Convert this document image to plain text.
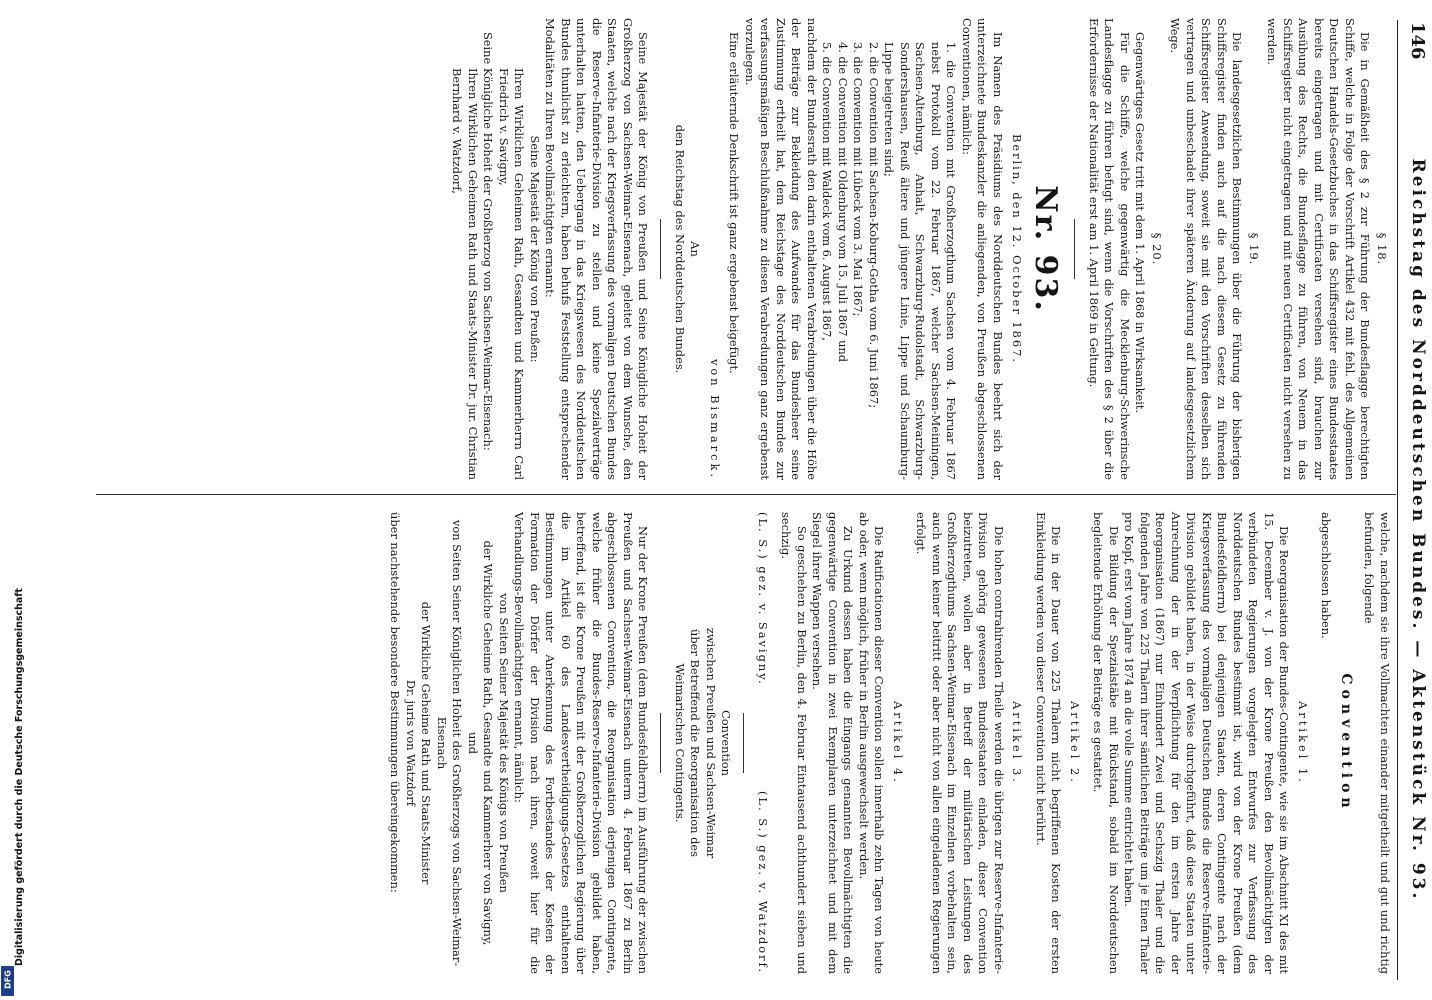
DFG
Digitalisierung gefördert durch die Deutsche Forschungsgemeinschaft
146
Reichstag des Norddeutschen Bundes. — Aktenstück Nr. 93.
§ 18.

Die in Gemäßheit des § 2 zur Führung der Bundesflagge berechtigten Schiffe, welche in Folge der Vorschrift Artikel 432 mit fehl. des Allgemeinen Deutschen Handels-Gesetzbuches in das Schiffsregister eines Bundesstaates bereits eingetragen und mit Certificaten versehen sind, brauchen zur Ausübung des Rechts, die Bundesflagge zu führen, von Neuem in das Schiffsregister nicht eingetragen und mit neuen Certificaten nicht versehen zu werden.

§ 19.

Die landesgesetzlichen Bestimmungen über die Führung der bisherigen Schiffsregister finden auch auf die nach diesem Gesetz zu führenden Schiffsregister Anwendung, soweit sie mit den Vorschriften desselben sich vertragen und unbeschadet ihrer späteren Änderung auf landesgesetzlichem Wege.

§ 20.

Gegenwärtiges Gesetz tritt mit dem 1. April 1868 in Wirksamkeit.

Für die Schiffe, welche gegenwärtig die Mecklenburg-Schwerinsche Landesflagge zu führen befugt sind, wenn die Vorschriften des § 2 über die Erfordernisse der Nationalität erst am 1. April 1869 in Geltung.

Nr. 93.
Berlin, den 12. October 1867.

Im Namen des Präsidiums des Norddeutschen Bundes beehrt sich der unterzeichnete Bundeskanzler die anliegenden, von Preußen abgeschlossenen Conventionen, nämlich:

1. die Convention mit Großherzogthum Sachsen vom 4. Februar 1867 nebst Protokoll vom 22. Februar 1867, welcher Sachsen-Meiningen, Sachsen-Altenburg, Anhalt, Schwarzburg-Rudolstadt, Schwarzburg-Sondershausen, Reuß ältere und jüngere Linie, Lippe und Schaumburg-Lippe beigetreten sind;

2. die Convention mit Sachsen-Koburg-Gotha vom 6. Juni 1867;

3. die Convention mit Lübeck vom 3. Mai 1867;

4. die Convention mit Oldenburg vom 15. Juli 1867 und

5. die Convention mit Waldeck vom 6. August 1867,

nachdem der Bundesrath den darin enthaltenen Verabredungen über die Höhe der Beiträge zur Bekleidung des Aufwandes für das Bundesheer seine Zustimmung ertheilt hat, dem Reichstage des Norddeutschen Bundes zur verfassungsmäßigen Beschlußnahme zu diesen Verabredungen ganz ergebenst vorzulegen.

Eine erläuternde Denkschrift ist ganz ergebenst beigefügt.

von Bismarck.
An
den Reichstag des Norddeutschen Bundes.

Seine Majestät der König von Preußen und Seine Königliche Hoheit der Großherzog von Sachsen-Weimar-Eisenach, geleitet von dem Wunsche, den Staaten, welche nach der Kriegsverfassung des vormaligen Deutschen Bundes die Reserve-Infanterie-Division zu stellen und keine Spezialverträge unterhalten hatten, den Uebergang in das Kriegswesen des Norddeutschen Bundes thunlichst zu erleichtern, haben behufs Feststellung entsprechender Modalitäten zu Ihren Bevollmächtigten ernannt:

Seine Majestät der König von Preußen:

Ihren Wirklichen Geheimen Rath, Gesandten und Kammerherrn Carl Friedrich v. Savigny,

Seine Königliche Hoheit der Großherzog von Sachsen-Weimar-Eisenach:

Ihren Wirklichen Geheimen Rath und Staats-Minister Dr. jur. Christian Bernhard v. Watzdorf,

welche, nachdem sie ihre Vollmachten einander mitgetheilt und gut und richtig befunden, folgende

Convention

abgeschlossen haben.

Artikel 1.

Die Reorganisation der Bundes-Contingente, wie sie im Abschnitt XI des mit 15. December v. J. von der Krone Preußen den Bevollmächtigten der verbündeten Regierungen vorgelegten Entwurfes zur Verfassung des Norddeutschen Bundes bestimmt ist, wird von der Krone Preußen (dem Bundesfeldherrn) bei denjenigen Staaten, deren Contingente nach der Kriegsverfassung des vormaligen Deutschen Bundes die Reserve-Infanterie-Division gebildet haben, in der Weise durchgeführt, daß diese Staaten unter Anrechnung der in der Verpflichtung für den im ersten Jahre der Reorganisation (1867) nur Einhundert Zwei und Sechszig Thaler und die folgenden Jahre von 225 Thalern ihrer sämtlichen Beiträge um je Einen Thaler pro Kopf, erst vom Jahre 1874 an die volle Summe entrichtet haben.

Die Bildung der Spezialstäbe mit Rückstand, sobald im Norddeutschen begleitende Erhöhung der Beiträge es gestattet.

Artikel 2.

Die in der Dauer von 225 Thalern nicht begriffenen Kosten der ersten Einkleidung werden von dieser Convention nicht berührt.

Artikel 3.

Die hohen contrahirenden Theile werden die übrigen zur Reserve-Infanterie-Division gehörig gewesenen Bundesstaaten einladen, dieser Convention beizutreten, wollen aber in Betreff der militärischen Leistungen des Großherzogthums Sachsen-Weimar-Eisenach im Einzelnen vorbehalten sein, auch wenn keiner beitritt oder aber nicht von allen eingeladenen Regierungen erfolgt.

Artikel 4.

Die Ratificationen dieser Convention sollen innerhalb zehn Tagen von heute ab oder, wenn möglich, früher in Berlin ausgewechselt werden.

Zu Urkund dessen haben die Eingangs genannten Bevollmächtigten die gegenwärtige Convention in zwei Exemplaren unterzeichnet und mit dem Siegel ihrer Wappen versehen.

So geschehen zu Berlin, den 4. Februar Eintausend achthundert sieben und sechzig.

(L. S.) gez. v. Savigny.
(L. S.) gez. v. Watzdorf.
Convention
zwischen Preußen und Sachsen-Weimar
über Betreffend die Reorganisation des
Weimarischen Contingents.

Nur der Krone Preußen (dem Bundesfeldherrn) im Ausführung der zwischen Preußen und Sachsen-Weimar-Eisenach unterm 4. Februar 1867 zu Berlin abgeschlossenen Convention, die Reorganisation derjenigen Contingente, welche früher die Bundes-Reserve-Infanterie-Division gebildet haben, betreffend, ist die Krone Preußen mit der Großherzoglichen Regierung über die im Artikel 60 des Landesvertheidigungs-Gesetzes enthaltenen Bestimmungen unter Anerkennung des Fortbestandes der Kosten der Formation der Dörfer der Division nach ihren, soweit hier für die Verhandlungs-Bevollmächtigten ernannt, nämlich:

von Seiten Seiner Majestät des Königs von Preußen

der Wirkliche Geheime Rath, Gesandte und Kammerherr von Savigny,

und

von Seiten Seiner Königlichen Hoheit des Großherzogs von Sachsen-Weimar-Eisenach

der Wirkliche Geheime Rath und Staats-Minister

Dr. juris von Watzdorf

über nachstehende besondere Bestimmungen übereingekommen:
